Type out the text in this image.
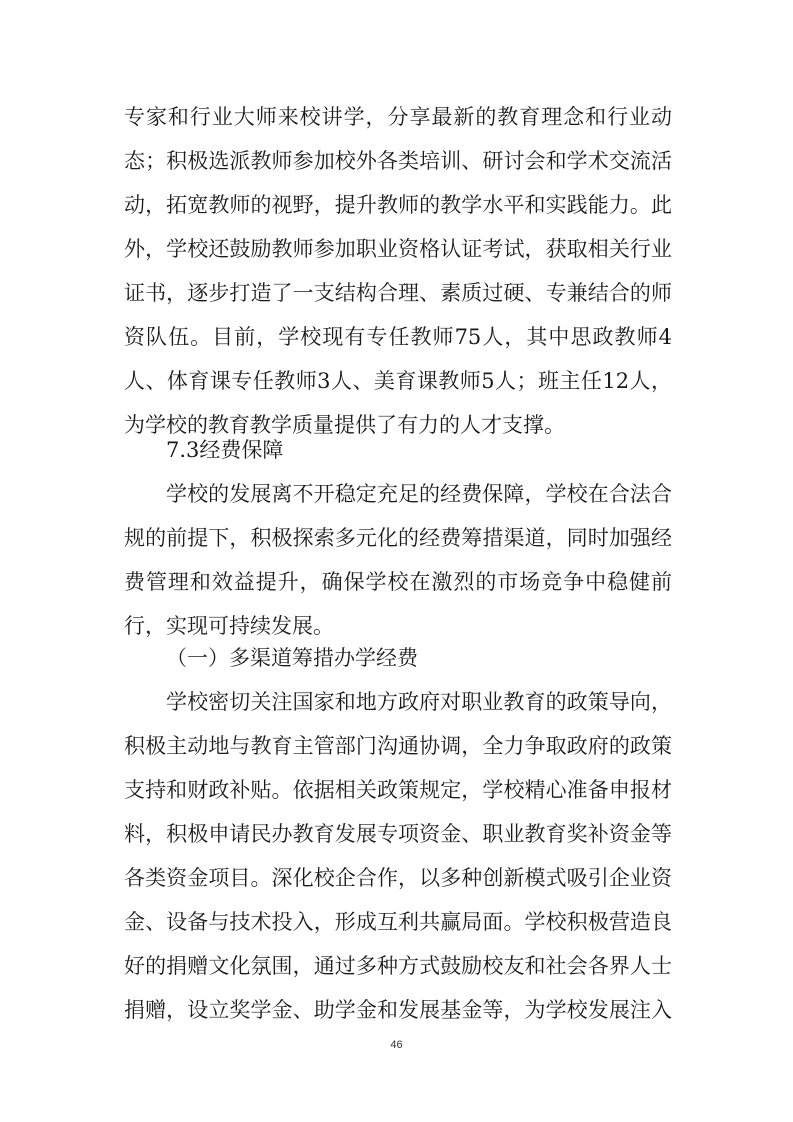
专家和行业大师来校讲学，分享最新的教育理念和行业动
态；积极选派教师参加校外各类培训、研讨会和学术交流活
动，拓宽教师的视野，提升教师的教学水平和实践能力。此
外，学校还鼓励教师参加职业资格认证考试，获取相关行业
证书，逐步打造了一支结构合理、素质过硬、专兼结合的师
资队伍。目前，学校现有专任教师75人，其中思政教师4
人、体育课专任教师3人、美育课教师5人；班主任12人，
为学校的教育教学质量提供了有力的人才支撑。
7.3经费保障
学校的发展离不开稳定充足的经费保障，学校在合法合
规的前提下，积极探索多元化的经费筹措渠道，同时加强经
费管理和效益提升，确保学校在激烈的市场竞争中稳健前
行，实现可持续发展。
（一）多渠道筹措办学经费
学校密切关注国家和地方政府对职业教育的政策导向，
积极主动地与教育主管部门沟通协调，全力争取政府的政策
支持和财政补贴。依据相关政策规定，学校精心准备申报材
料，积极申请民办教育发展专项资金、职业教育奖补资金等
各类资金项目。深化校企合作，以多种创新模式吸引企业资
金、设备与技术投入，形成互利共赢局面。学校积极营造良
好的捐赠文化氛围，通过多种方式鼓励校友和社会各界人士
捐赠，设立奖学金、助学金和发展基金等，为学校发展注入
46
